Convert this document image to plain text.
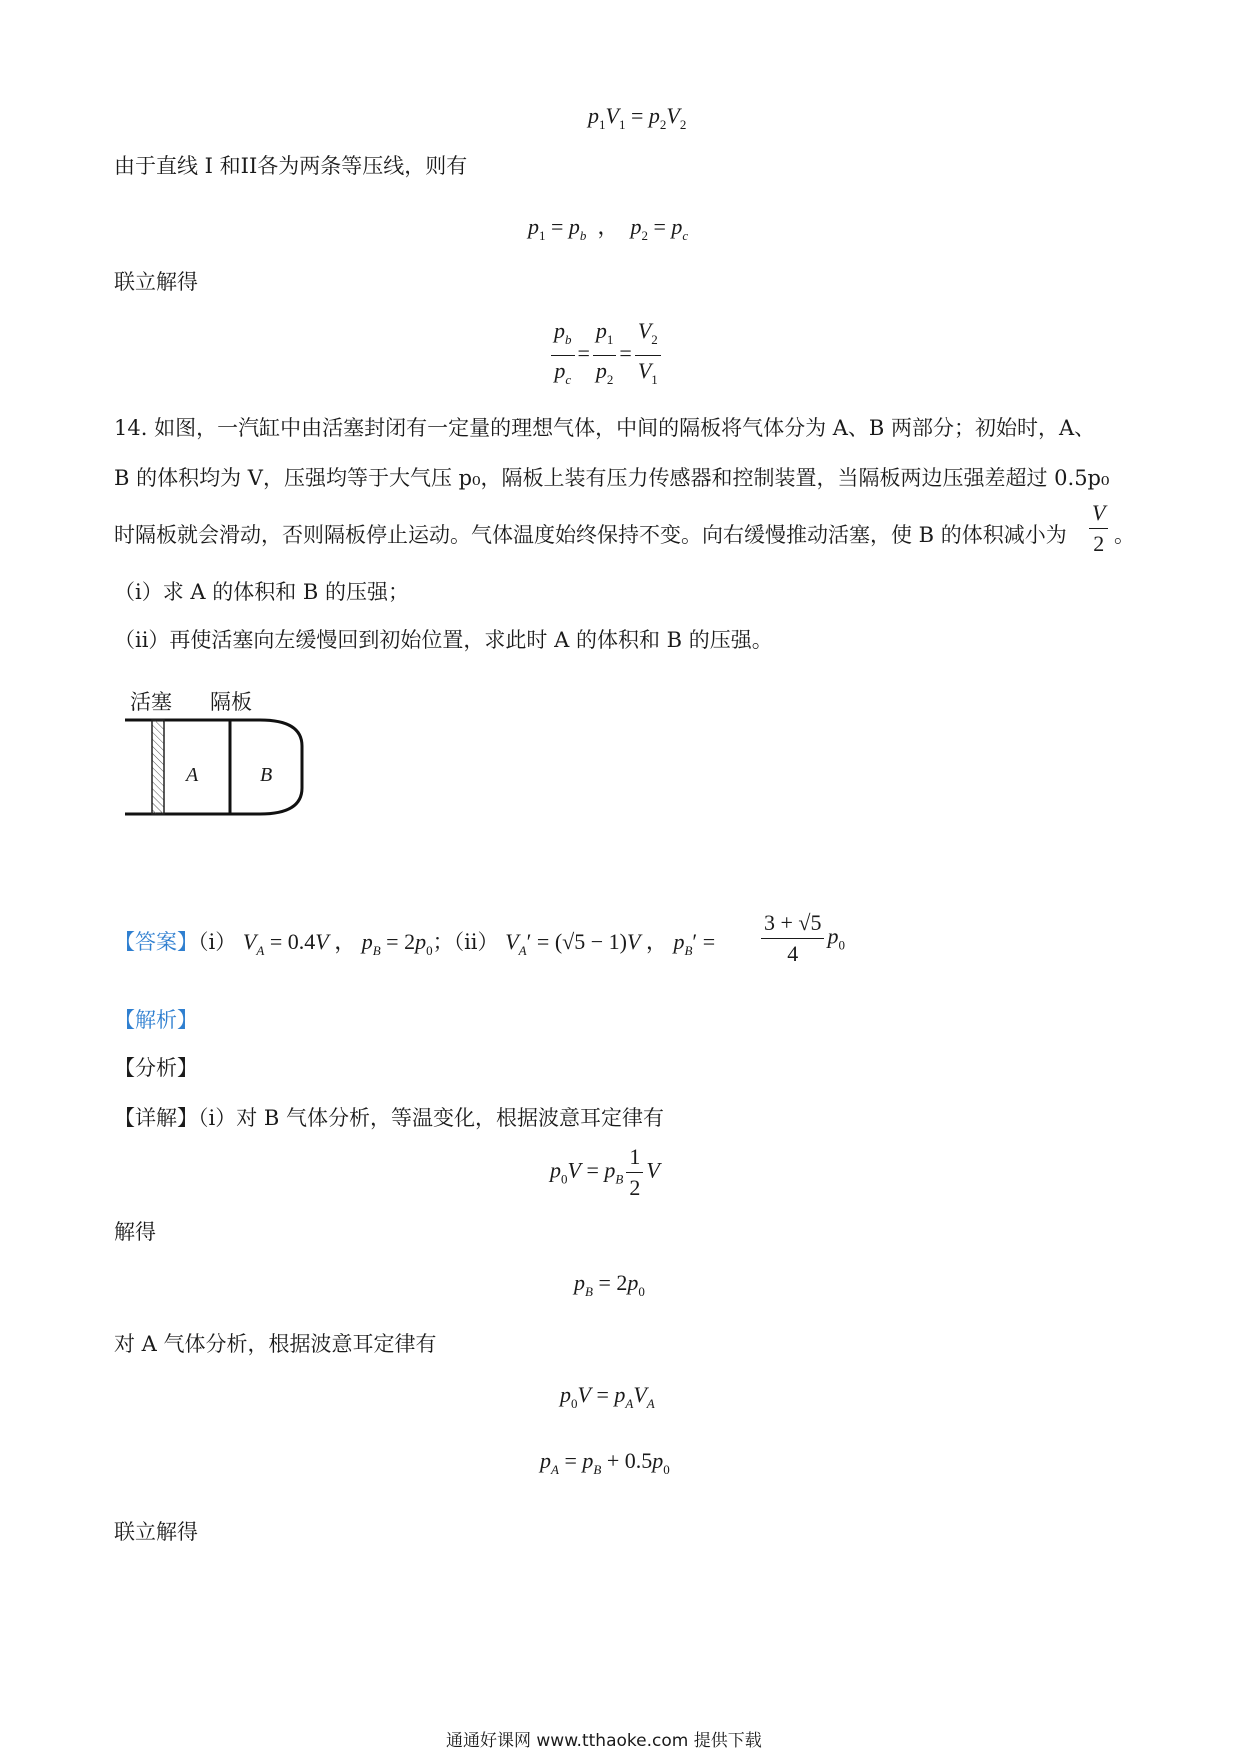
$p_1V_1 = p_2V_2$
由于直线 I 和II各为两条等压线，则有
$p_1 = p_b$  ，  $p_2 = p_c$
联立解得
$\frac{p_b}{p_c} = \frac{p_1}{p_2} = \frac{V_2}{V_1}$
14. 如图，一汽缸中由活塞封闭有一定量的理想气体，中间的隔板将气体分为 A、B 两部分；初始时，A、
B 的体积均为 V，压强均等于大气压 p₀，隔板上装有压力传感器和控制装置，当隔板两边压强差超过 0.5p₀
时隔板就会滑动，否则隔板停止运动。气体温度始终保持不变。向右缓慢推动活塞，使 B 的体积减小为 $\frac{V}{2}$ 。
（i）求 A 的体积和 B 的压强；
（ii）再使活塞向左缓慢回到初始位置，求此时 A 的体积和 B 的压强。
活塞 隔板
A	B
【答案】（i） $V_A = 0.4V$ ， $p_B = 2p_0$；（ii） $V_A' = (√5 - 1)V$ ， $p_B' = \frac{3 + √5}{4} p_0$
【解析】
【分析】
【详解】（i）对 B 气体分析，等温变化，根据波意耳定律有
$p_0V = p_B \frac{1}{2}$ V
解得
$p_B = 2p_0$
对 A 气体分析，根据波意耳定律有
$p_0V = p_AV_A$
$p_A = p_B + 0.5p_0$
联立解得
通通好课网 www.tthaoke.com 提供下载
